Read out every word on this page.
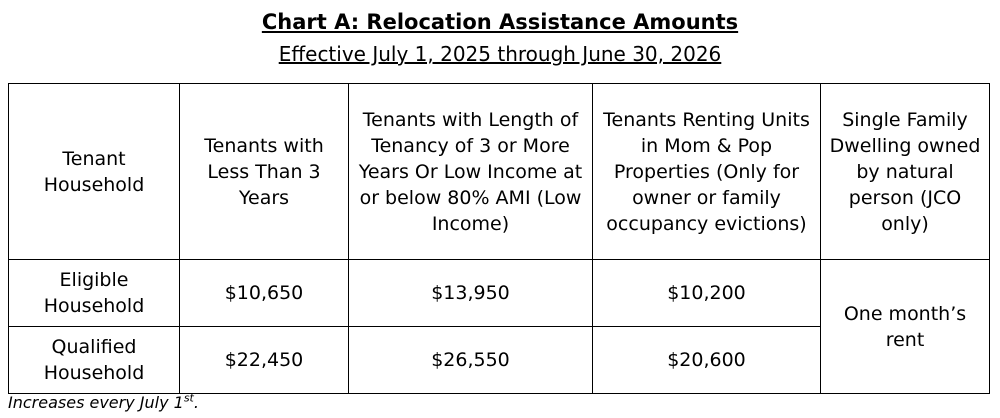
Chart A: Relocation Assistance Amounts
Effective July 1, 2025 through June 30, 2026
Tenant Household	Tenants with Less Than 3 Years	Tenants with Length of Tenancy of 3 or More Years Or Low Income at or below 80% AMI (Low Income)	Tenants Renting Units in Mom & Pop Properties (Only for owner or family occupancy evictions)	Single Family Dwelling owned by natural person (JCO only)
Eligible Household	$10,650	$13,950	$10,200	One month’s rent
Qualified Household	$22,450	$26,550	$20,600	
Increases every July 1st.
